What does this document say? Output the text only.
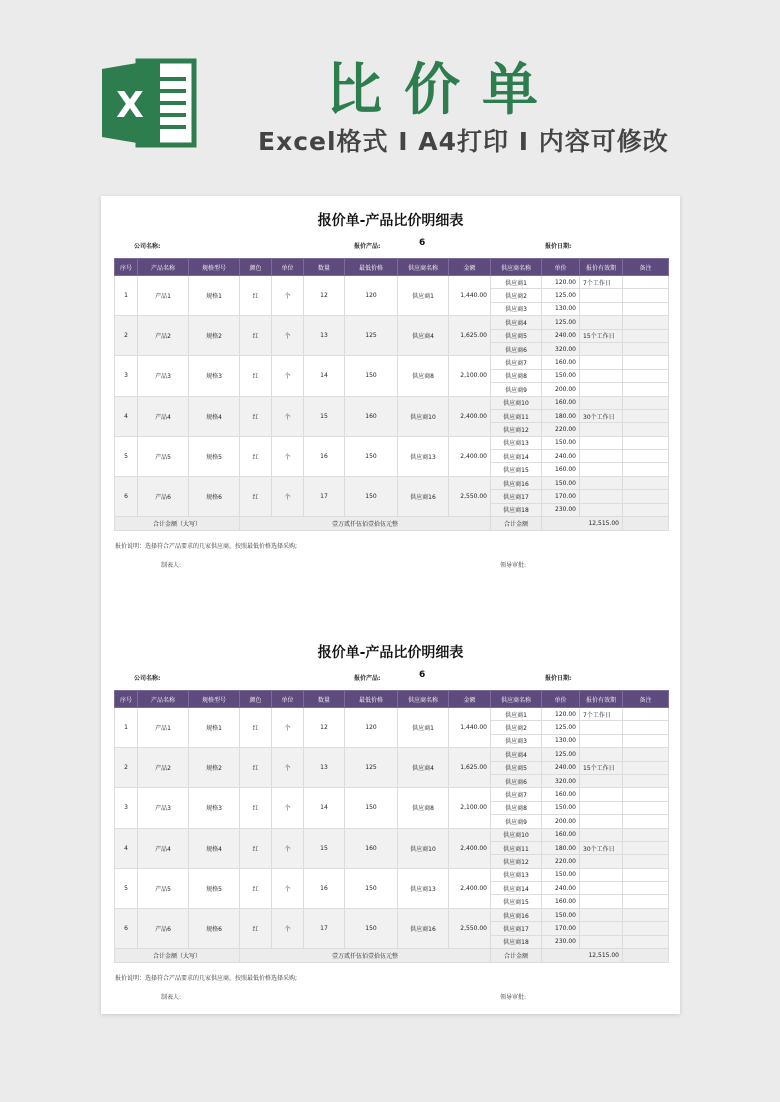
X	比价单
Excel格式 I A4打印 I 内容可修改
报价单-产品比价明细表
公司名称:	报价产品:	6	报价日期:
序号	产品名称	规格型号	颜色	单位	数量	最低价格	供应商名称	金额	供应商名称	单价	报价有效期	备注
1	产品1	规格1	红	个	12	120	供应商1	1,440.00	供应商1	120.00	7个工作日	
									供应商2	125.00		
									供应商3	130.00		
2	产品2	规格2	红	个	13	125	供应商4	1,625.00	供应商4	125.00		
									供应商5	240.00	15个工作日	
									供应商6	320.00		
3	产品3	规格3	红	个	14	150	供应商8	2,100.00	供应商7	160.00		
									供应商8	150.00		
									供应商9	200.00		
4	产品4	规格4	红	个	15	160	供应商10	2,400.00	供应商10	160.00		
									供应商11	180.00	30个工作日	
									供应商12	220.00		
5	产品5	规格5	红	个	16	150	供应商13	2,400.00	供应商13	150.00		
									供应商14	240.00		
									供应商15	160.00		
6	产品6	规格6	红	个	17	150	供应商16	2,550.00	供应商16	150.00		
									供应商17	170.00		
									供应商18	230.00		
合计金额（大写）			壹万贰仟伍佰壹拾伍元整						合计金额	12,515.00		
报价说明：选择符合产品要求的几家供应商，按照最低价格选择采购;
制表人:	领导审批:
报价单-产品比价明细表
公司名称:	报价产品:	6	报价日期:
序号	产品名称	规格型号	颜色	单位	数量	最低价格	供应商名称	金额	供应商名称	单价	报价有效期	备注
1	产品1	规格1	红	个	12	120	供应商1	1,440.00	供应商1	120.00	7个工作日	
									供应商2	125.00		
									供应商3	130.00		
2	产品2	规格2	红	个	13	125	供应商4	1,625.00	供应商4	125.00		
									供应商5	240.00	15个工作日	
									供应商6	320.00		
3	产品3	规格3	红	个	14	150	供应商8	2,100.00	供应商7	160.00		
									供应商8	150.00		
									供应商9	200.00		
4	产品4	规格4	红	个	15	160	供应商10	2,400.00	供应商10	160.00		
									供应商11	180.00	30个工作日	
									供应商12	220.00		
5	产品5	规格5	红	个	16	150	供应商13	2,400.00	供应商13	150.00		
									供应商14	240.00		
									供应商15	160.00		
6	产品6	规格6	红	个	17	150	供应商16	2,550.00	供应商16	150.00		
									供应商17	170.00		
									供应商18	230.00		
合计金额（大写）			壹万贰仟伍佰壹拾伍元整						合计金额	12,515.00		
报价说明：选择符合产品要求的几家供应商，按照最低价格选择采购;
制表人:	领导审批:
